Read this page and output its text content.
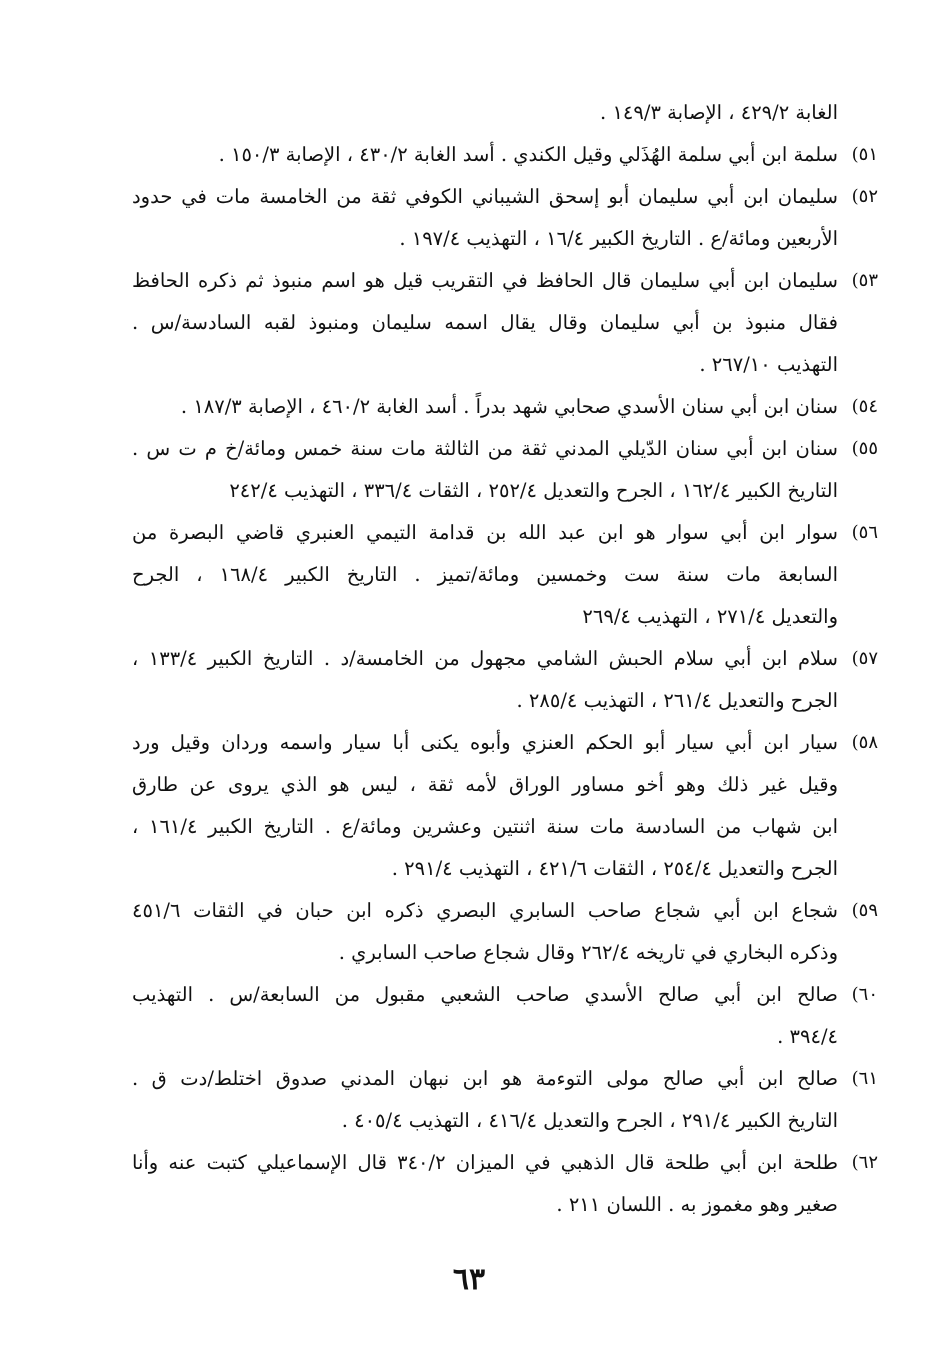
الغابة ٤٢٩/٢ ، الإصابة ١٤٩/٣ .
٥١)
سلمة ابن أبي سلمة الهُذَلي وقيل الكندي . أسد الغابة ٤٣٠/٢ ، الإصابة ١٥٠/٣ .
٥٢)
سليمان ابن أبي سليمان أبو إسحق الشيباني الكوفي ثقة من الخامسة مات في حدود
الأربعين ومائة/ع . التاريخ الكبير ١٦/٤ ، التهذيب ١٩٧/٤ .
٥٣)
سليمان ابن أبي سليمان قال الحافظ في التقريب قيل هو اسم منبوذ ثم ذكره الحافظ
فقال منبوذ بن أبي سليمان وقال يقال اسمه سليمان ومنبوذ لقبه السادسة/س .
التهذيب ٢٦٧/١٠ .
٥٤)
سنان ابن أبي سنان الأسدي صحابي شهد بدراً . أسد الغابة ٤٦٠/٢ ، الإصابة ١٨٧/٣ .
٥٥)
سنان ابن أبي سنان الدّيلي المدني ثقة من الثالثة مات سنة خمس ومائة/خ م ت س .
التاريخ الكبير ١٦٢/٤ ، الجرح والتعديل ٢٥٢/٤ ، الثقات ٣٣٦/٤ ، التهذيب ٢٤٢/٤
٥٦)
سوار ابن أبي سوار هو ابن عبد الله بن قدامة التيمي العنبري قاضي البصرة من
السابعة مات سنة ست وخمسين ومائة/تميز . التاريخ الكبير ١٦٨/٤ ، الجرح
والتعديل ٢٧١/٤ ، التهذيب ٢٦٩/٤
٥٧)
سلام ابن أبي سلام الحبش الشامي مجهول من الخامسة/د . التاريخ الكبير ١٣٣/٤ ،
الجرح والتعديل ٢٦١/٤ ، التهذيب ٢٨٥/٤ .
٥٨)
سيار ابن أبي سيار أبو الحكم العنزي وأبوه يكنى أبا سيار واسمه وردان وقيل ورد
وقيل غير ذلك وهو أخو مساور الوراق لأمه ثقة ، ليس هو الذي يروى عن طارق
ابن شهاب من السادسة مات سنة اثنتين وعشرين ومائة/ع . التاريخ الكبير ١٦١/٤ ،
الجرح والتعديل ٢٥٤/٤ ، الثقات ٤٢١/٦ ، التهذيب ٢٩١/٤ .
٥٩)
شجاع ابن أبي شجاع صاحب السابري البصري ذكره ابن حبان في الثقات ٤٥١/٦
وذكره البخاري في تاريخه ٢٦٢/٤ وقال شجاع صاحب السابري .
٦٠)
صالح ابن أبي صالح الأسدي صاحب الشعبي مقبول من السابعة/س . التهذيب
٣٩٤/٤ .
٦١)
صالح ابن أبي صالح مولى التوءمة هو ابن نبهان المدني صدوق اختلط/دت ق .
التاريخ الكبير ٢٩١/٤ ، الجرح والتعديل ٤١٦/٤ ، التهذيب ٤٠٥/٤ .
٦٢)
طلحة ابن أبي طلحة قال الذهبي في الميزان ٣٤٠/٢ قال الإسماعيلي كتبت عنه وأنا
صغير وهو مغموز به . اللسان ٢١١ .
٦٣
